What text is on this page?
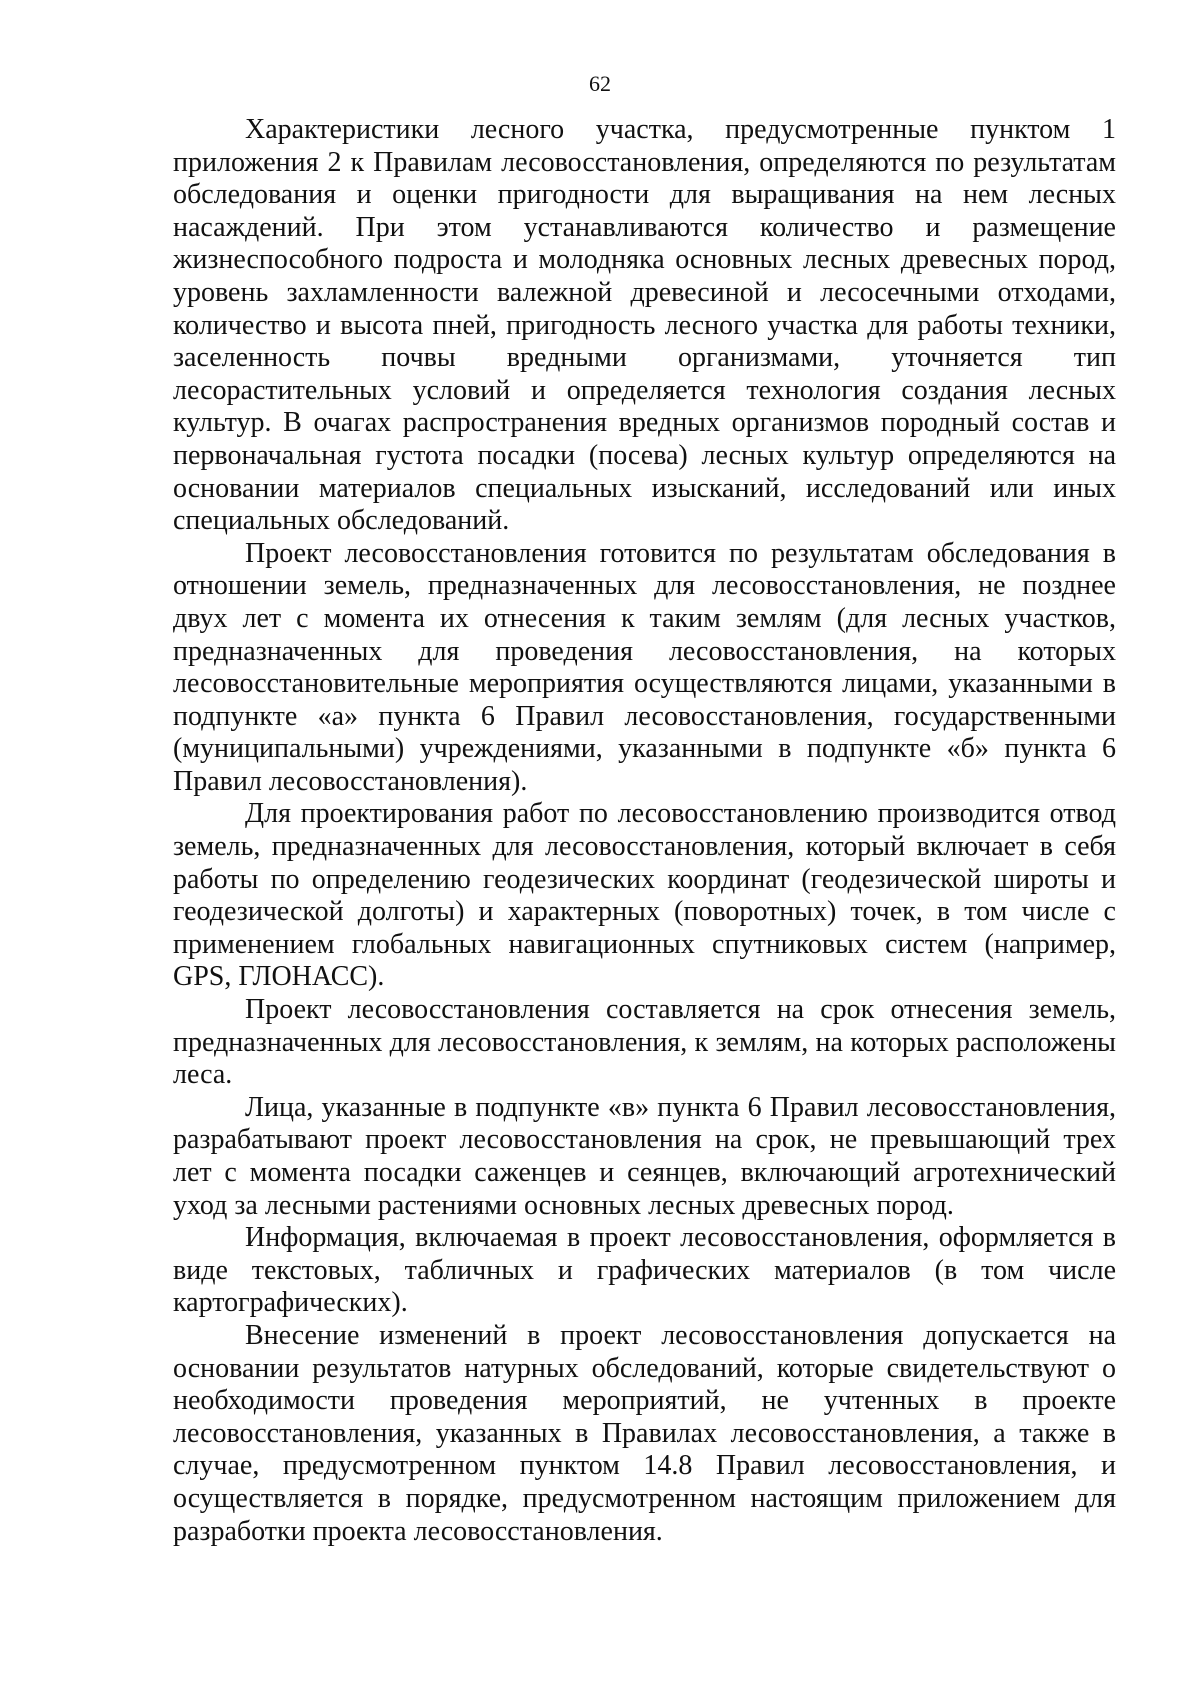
62

Характеристики лесного участка, предусмотренные пунктом 1 приложения 2 к Правилам лесовосстановления, определяются по результатам обследования и оценки пригодности для выращивания на нем лесных насаждений. При этом устанавливаются количество и размещение жизнеспособного подроста и молодняка основных лесных древесных пород, уровень захламленности валежной древесиной и лесосечными отходами, количество и высота пней, пригодность лесного участка для работы техники, заселенность почвы вредными организмами, уточняется тип лесорастительных условий и определяется технология создания лесных культур. В очагах распространения вредных организмов породный состав и первоначальная густота посадки (посева) лесных культур определяются на основании материалов специальных изысканий, исследований или иных специальных обследований.

Проект лесовосстановления готовится по результатам обследования в отношении земель, предназначенных для лесовосстановления, не позднее двух лет с момента их отнесения к таким землям (для лесных участков, предназначенных для проведения лесовосстановления, на которых лесовосстановительные мероприятия осуществляются лицами, указанными в подпункте «а» пункта 6 Правил лесовосстановления, государственными (муниципальными) учреждениями, указанными в подпункте «б» пункта 6 Правил лесовосстановления).

Для проектирования работ по лесовосстановлению производится отвод земель, предназначенных для лесовосстановления, который включает в себя работы по определению геодезических координат (геодезической широты и геодезической долготы) и характерных (поворотных) точек, в том числе с применением глобальных навигационных спутниковых систем (например, GPS, ГЛОНАСС).

Проект лесовосстановления составляется на срок отнесения земель, предназначенных для лесовосстановления, к землям, на которых расположены леса.

Лица, указанные в подпункте «в» пункта 6 Правил лесовосстановления, разрабатывают проект лесовосстановления на срок, не превышающий трех лет с момента посадки саженцев и сеянцев, включающий агротехнический уход за лесными растениями основных лесных древесных пород.

Информация, включаемая в проект лесовосстановления, оформляется в виде текстовых, табличных и графических материалов (в том числе картографических).

Внесение изменений в проект лесовосстановления допускается на основании результатов натурных обследований, которые свидетельствуют о необходимости проведения мероприятий, не учтенных в проекте лесовосстановления, указанных в Правилах лесовосстановления, а также в случае, предусмотренном пунктом 14.8 Правил лесовосстановления, и осуществляется в порядке, предусмотренном настоящим приложением для разработки проекта лесовосстановления.
